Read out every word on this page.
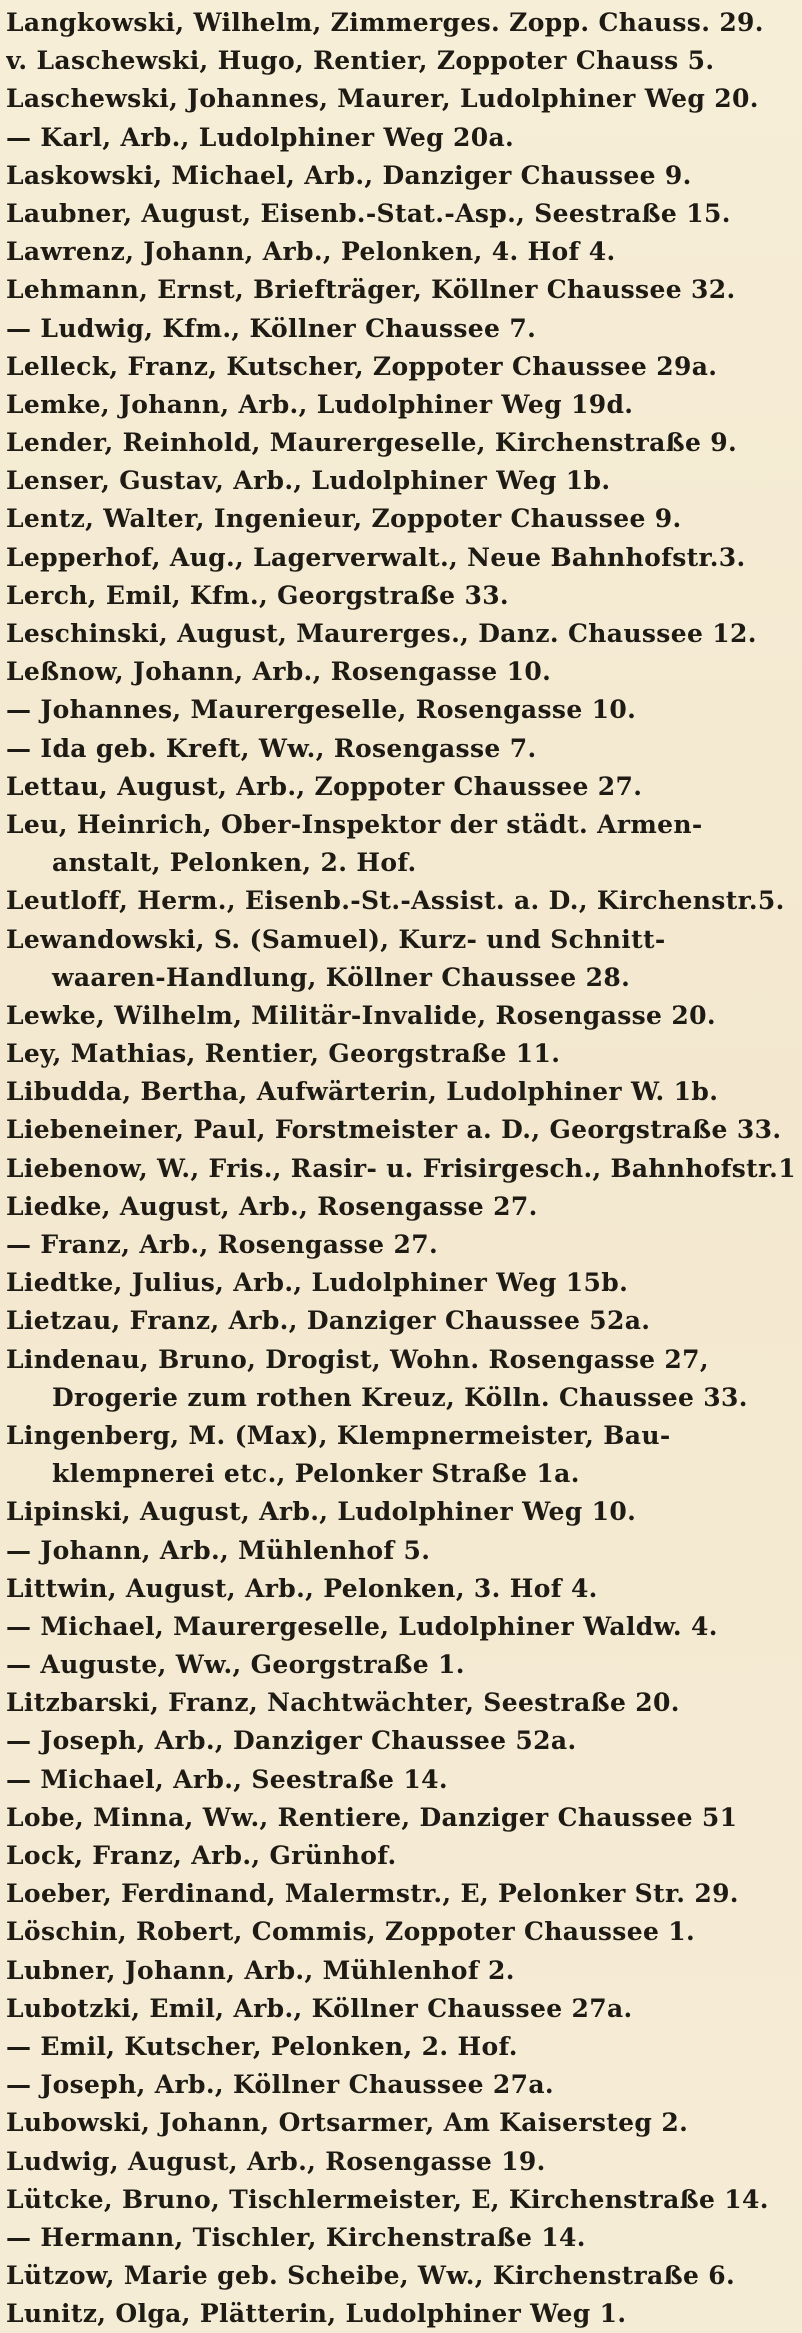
Langkowski, Wilhelm, Zimmerges. Zopp. Chauss. 29.
v. Laschewski, Hugo, Rentier, Zoppoter Chauss 5.
Laschewski, Johannes, Maurer, Ludolphiner Weg 20.
— Karl, Arb., Ludolphiner Weg 20a.
Laskowski, Michael, Arb., Danziger Chaussee 9.
Laubner, August, Eisenb.-Stat.-Asp., Seestraße 15.
Lawrenz, Johann, Arb., Pelonken, 4. Hof 4.
Lehmann, Ernst, Briefträger, Köllner Chaussee 32.
— Ludwig, Kfm., Köllner Chaussee 7.
Lelleck, Franz, Kutscher, Zoppoter Chaussee 29a.
Lemke, Johann, Arb., Ludolphiner Weg 19d.
Lender, Reinhold, Maurergeselle, Kirchenstraße 9.
Lenser, Gustav, Arb., Ludolphiner Weg 1b.
Lentz, Walter, Ingenieur, Zoppoter Chaussee 9.
Lepperhof, Aug., Lagerverwalt., Neue Bahnhofstr.3.
Lerch, Emil, Kfm., Georgstraße 33.
Leschinski, August, Maurerges., Danz. Chaussee 12.
Leßnow, Johann, Arb., Rosengasse 10.
— Johannes, Maurergeselle, Rosengasse 10.
— Ida geb. Kreft, Ww., Rosengasse 7.
Lettau, August, Arb., Zoppoter Chaussee 27.
Leu, Heinrich, Ober-Inspektor der städt. Armen-
anstalt, Pelonken, 2. Hof.
Leutloff, Herm., Eisenb.-St.-Assist. a. D., Kirchenstr.5.
Lewandowski, S. (Samuel), Kurz- und Schnitt-
waaren-Handlung, Köllner Chaussee 28.
Lewke, Wilhelm, Militär-Invalide, Rosengasse 20.
Ley, Mathias, Rentier, Georgstraße 11.
Libudda, Bertha, Aufwärterin, Ludolphiner W. 1b.
Liebeneiner, Paul, Forstmeister a. D., Georgstraße 33.
Liebenow, W., Fris., Rasir- u. Frisirgesch., Bahnhofstr.1
Liedke, August, Arb., Rosengasse 27.
— Franz, Arb., Rosengasse 27.
Liedtke, Julius, Arb., Ludolphiner Weg 15b.
Lietzau, Franz, Arb., Danziger Chaussee 52a.
Lindenau, Bruno, Drogist, Wohn. Rosengasse 27,
Drogerie zum rothen Kreuz, Kölln. Chaussee 33.
Lingenberg, M. (Max), Klempnermeister, Bau-
klempnerei etc., Pelonker Straße 1a.
Lipinski, August, Arb., Ludolphiner Weg 10.
— Johann, Arb., Mühlenhof 5.
Littwin, August, Arb., Pelonken, 3. Hof 4.
— Michael, Maurergeselle, Ludolphiner Waldw. 4.
— Auguste, Ww., Georgstraße 1.
Litzbarski, Franz, Nachtwächter, Seestraße 20.
— Joseph, Arb., Danziger Chaussee 52a.
— Michael, Arb., Seestraße 14.
Lobe, Minna, Ww., Rentiere, Danziger Chaussee 51
Lock, Franz, Arb., Grünhof.
Loeber, Ferdinand, Malermstr., E, Pelonker Str. 29.
Löschin, Robert, Commis, Zoppoter Chaussee 1.
Lubner, Johann, Arb., Mühlenhof 2.
Lubotzki, Emil, Arb., Köllner Chaussee 27a.
— Emil, Kutscher, Pelonken, 2. Hof.
— Joseph, Arb., Köllner Chaussee 27a.
Lubowski, Johann, Ortsarmer, Am Kaisersteg 2.
Ludwig, August, Arb., Rosengasse 19.
Lütcke, Bruno, Tischlermeister, E, Kirchenstraße 14.
— Hermann, Tischler, Kirchenstraße 14.
Lützow, Marie geb. Scheibe, Ww., Kirchenstraße 6.
Lunitz, Olga, Plätterin, Ludolphiner Weg 1.
